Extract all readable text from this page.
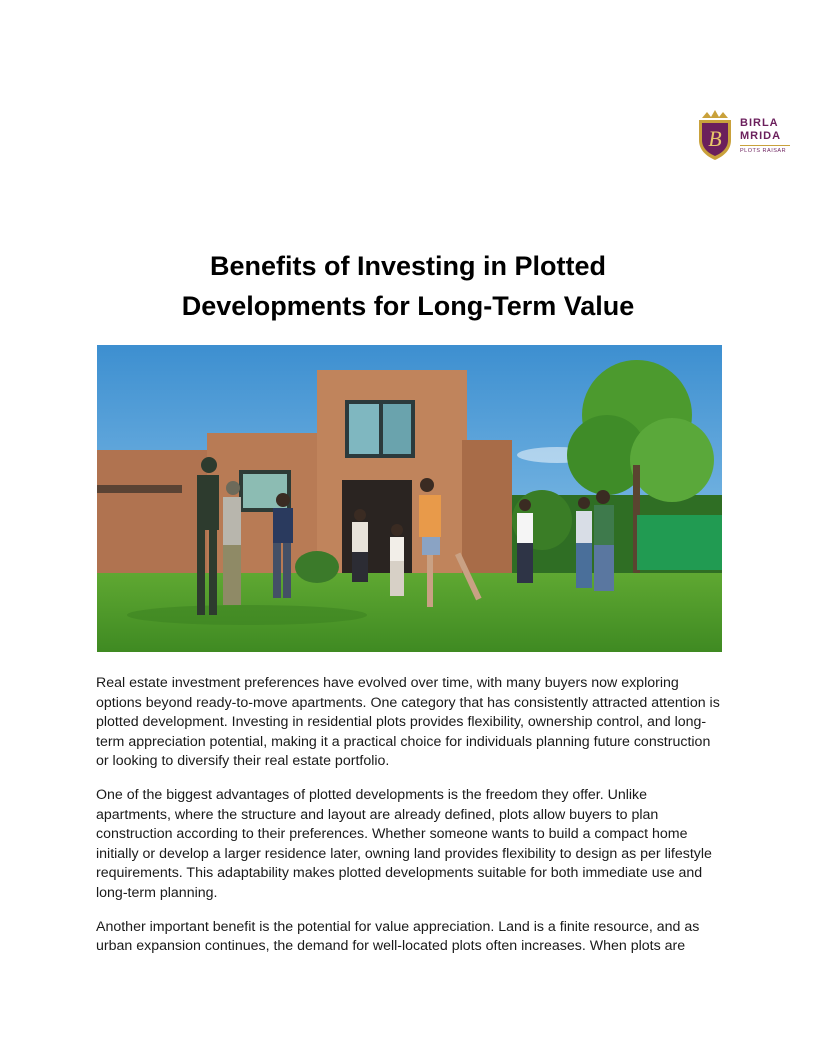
B
BIRLA
MRIDA
PLOTS RAISAR
Benefits of Investing in Plotted
Developments for Long-Term Value

Real estate investment preferences have evolved over time, with many buyers now exploring options beyond ready-to-move apartments. One category that has consistently attracted attention is plotted development. Investing in residential plots provides flexibility, ownership control, and long-term appreciation potential, making it a practical choice for individuals planning future construction or looking to diversify their real estate portfolio.

One of the biggest advantages of plotted developments is the freedom they offer. Unlike apartments, where the structure and layout are already defined, plots allow buyers to plan construction according to their preferences. Whether someone wants to build a compact home initially or develop a larger residence later, owning land provides flexibility to design as per lifestyle requirements. This adaptability makes plotted developments suitable for both immediate use and long-term planning.

Another important benefit is the potential for value appreciation. Land is a finite resource, and as urban expansion continues, the demand for well-located plots often increases. When plots are
